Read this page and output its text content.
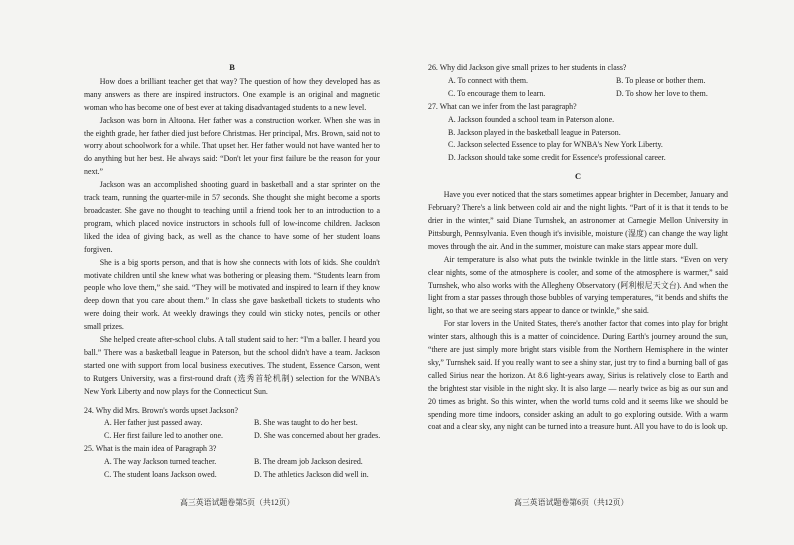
B

How does a brilliant teacher get that way? The question of how they developed has as many answers as there are inspired instructors. One example is an original and magnetic woman who has become one of best ever at taking disadvantaged students to a new level.

Jackson was born in Altoona. Her father was a construction worker. When she was in the eighth grade, her father died just before Christmas. Her principal, Mrs. Brown, said not to worry about schoolwork for a while. That upset her. Her father would not have wanted her to do anything but her best. He always said: “Don't let your first failure be the reason for your next.”

Jackson was an accomplished shooting guard in basketball and a star sprinter on the track team, running the quarter-mile in 57 seconds. She thought she might become a sports broadcaster. She gave no thought to teaching until a friend took her to an introduction to a program, which placed novice instructors in schools full of low-income children. Jackson liked the idea of giving back, as well as the chance to have some of her student loans forgiven.

She is a big sports person, and that is how she connects with lots of kids. She couldn't motivate children until she knew what was bothering or pleasing them. “Students learn from people who love them,” she said. “They will be motivated and inspired to learn if they know deep down that you care about them.” In class she gave basketball tickets to students who were doing their work. At weekly drawings they could win sticky notes, pencils or other small prizes.

She helped create after-school clubs. A tall student said to her: “I'm a baller. I heard you ball.” There was a basketball league in Paterson, but the school didn't have a team. Jackson started one with support from local business executives. The student, Essence Carson, went to Rutgers University, was a first-round draft (选秀首轮机制) selection for the WNBA's New York Liberty and now plays for the Connecticut Sun.

24. Why did Mrs. Brown's words upset Jackson?
A. Her father just passed away.	B. She was taught to do her best.
C. Her first failure led to another one.	D. She was concerned about her grades.
25. What is the main idea of Paragraph 3?
A. The way Jackson turned teacher.	B. The dream job Jackson desired.
C. The student loans Jackson owed.	D. The athletics Jackson did well in.
26. Why did Jackson give small prizes to her students in class?
A. To connect with them.	B. To please or bother them.
C. To encourage them to learn.	D. To show her love to them.
27. What can we infer from the last paragraph?
A. Jackson founded a school team in Paterson alone.
B. Jackson played in the basketball league in Paterson.
C. Jackson selected Essence to play for WNBA's New York Liberty.
D. Jackson should take some credit for Essence's professional career.
C

Have you ever noticed that the stars sometimes appear brighter in December, January and February? There's a link between cold air and the night lights. “Part of it is that it tends to be drier in the winter,” said Diane Turnshek, an astronomer at Carnegie Mellon University in Pittsburgh, Pennsylvania. Even though it's invisible, moisture (湿度) can change the way light moves through the air. And in the summer, moisture can make stars appear more dull.

Air temperature is also what puts the twinkle twinkle in the little stars. “Even on very clear nights, some of the atmosphere is cooler, and some of the atmosphere is warmer,” said Turnshek, who also works with the Allegheny Observatory (阿利根尼天文台). And when the light from a star passes through those bubbles of varying temperatures, “it bends and shifts the light, so that we are seeing stars appear to dance or twinkle,” she said.

For star lovers in the United States, there's another factor that comes into play for bright winter stars, although this is a matter of coincidence. During Earth's journey around the sun, “there are just simply more bright stars visible from the Northern Hemisphere in the winter sky,” Turnshek said. If you really want to see a shiny star, just try to find a burning ball of gas called Sirius near the horizon. At 8.6 light-years away, Sirius is relatively close to Earth and the brightest star visible in the night sky. It is also large — nearly twice as big as our sun and 20 times as bright. So this winter, when the world turns cold and it seems like we should be spending more time indoors, consider asking an adult to go exploring outside. With a warm coat and a clear sky, any night can be turned into a treasure hunt. All you have to do is look up.

高三英语试题卷第5页（共12页）	高三英语试题卷第6页（共12页）
